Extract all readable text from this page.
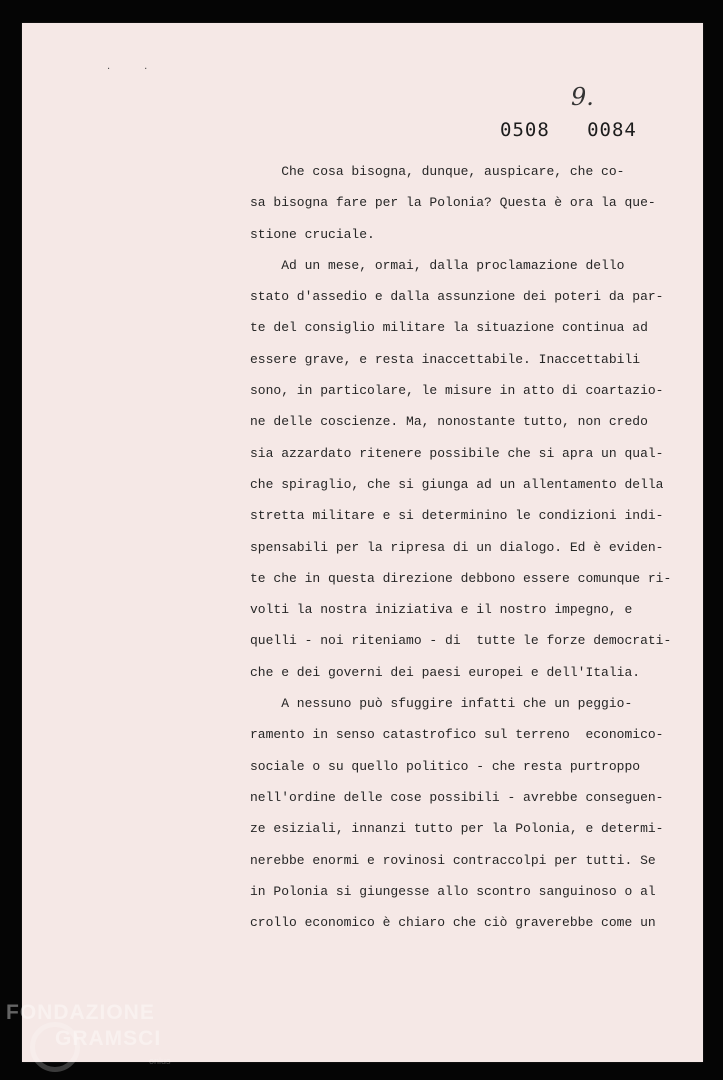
··
9.
0508   0084
Che cosa bisogna, dunque, auspicare, che co-
sa bisogna fare per la Polonia? Questa è ora la que-
stione cruciale.
Ad un mese, ormai, dalla proclamazione dello
stato d'assedio e dalla assunzione dei poteri da par-
te del consiglio militare la situazione continua ad
essere grave, e resta inaccettabile. Inaccettabili
sono, in particolare, le misure in atto di coartazio-
ne delle coscienze. Ma, nonostante tutto, non credo
sia azzardato ritenere possibile che si apra un qual-
che spiraglio, che si giunga ad un allentamento della
stretta militare e si determinino le condizioni indi-
spensabili per la ripresa di un dialogo. Ed è eviden-
te che in questa direzione debbono essere comunque ri-
volti la nostra iniziativa e il nostro impegno, e
quelli - noi riteniamo - di  tutte le forze democrati-
che e dei governi dei paesi europei e dell'Italia.
A nessuno può sfuggire infatti che un peggio-
ramento in senso catastrofico sul terreno  economico-
sociale o su quello politico - che resta purtroppo
nell'ordine delle cose possibili - avrebbe conseguen-
ze esiziali, innanzi tutto per la Polonia, e determi-
nerebbe enormi e rovinosi contraccolpi per tutti. Se
in Polonia si giungesse allo scontro sanguinoso o al
crollo economico è chiaro che ciò graverebbe come un
FONDAZIONE
GRAMSCI
onlus
